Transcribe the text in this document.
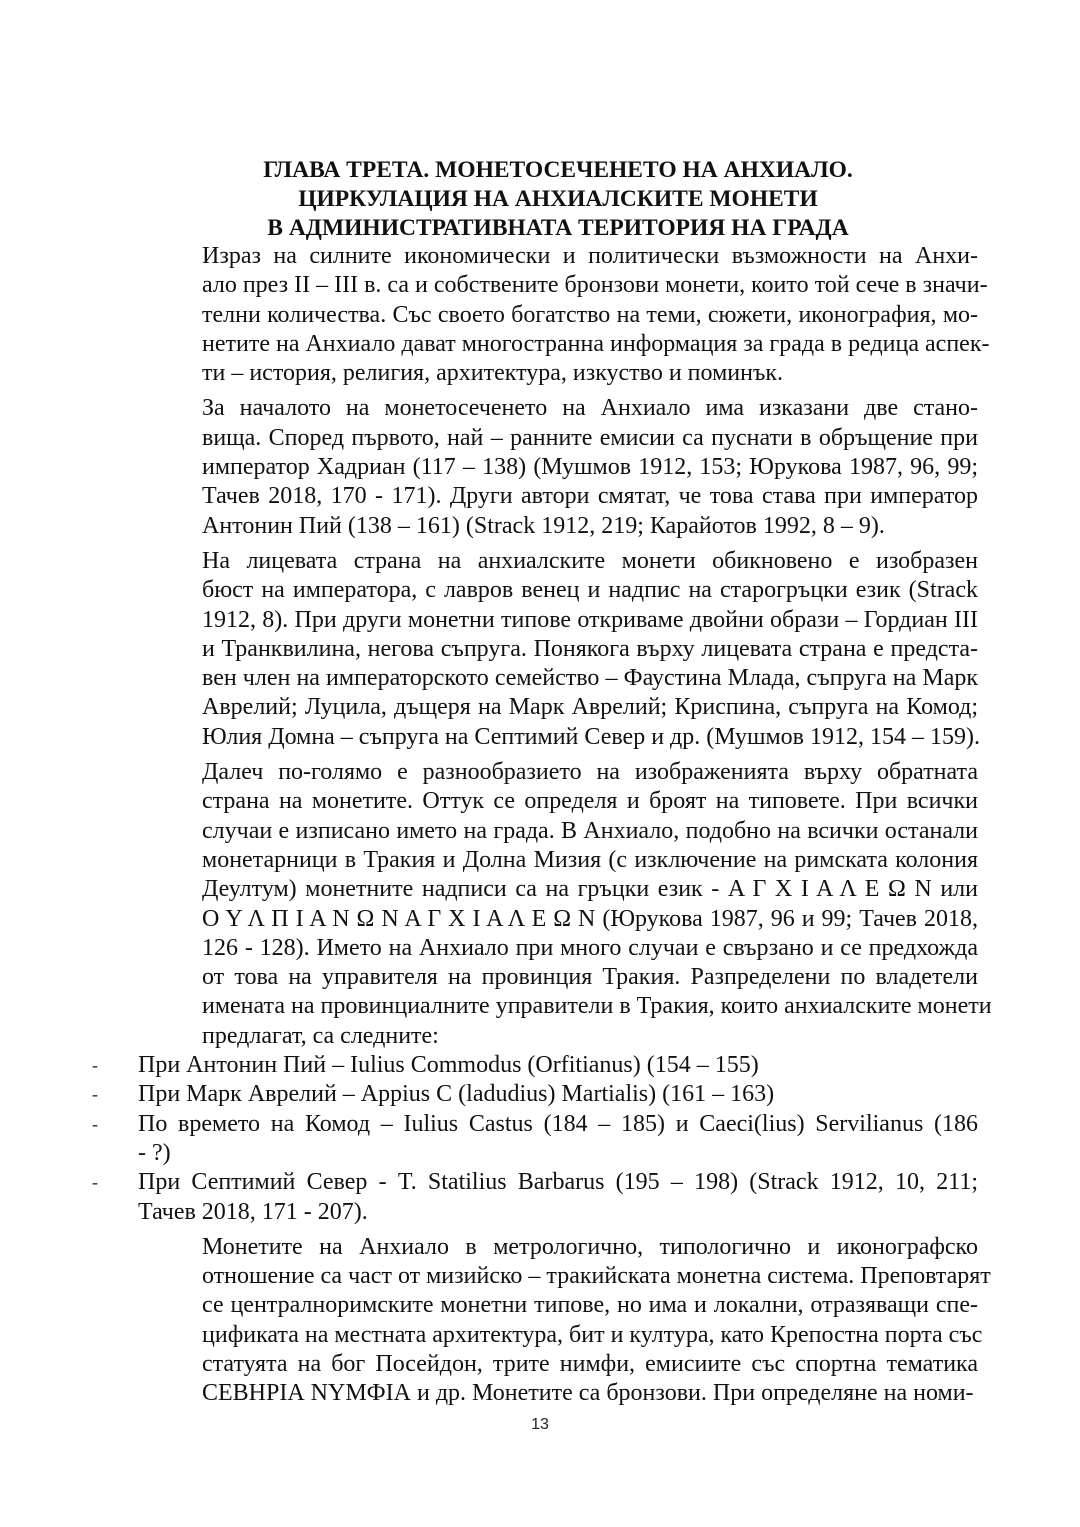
ГЛАВА ТРЕТА. МОНЕТОСЕЧЕНЕТО НА АНХИАЛО.
ЦИРКУЛАЦИЯ НА АНХИАЛСКИТЕ МОНЕТИ
В АДМИНИСТРАТИВНАТА ТЕРИТОРИЯ НА ГРАДА

Израз на силните икономически и политически възможности на Анхи-
ало през II – III в. са и собствените бронзови монети, които той сече в значи-
телни количества. Със своето богатство на теми, сюжети, иконография, мо-
нетите на Анхиало дават многостранна информация за града в редица аспек-
ти – история, религия, архитектура, изкуство и поминък.

За началото на монетосеченето на Анхиало има изказани две стано-
вища. Според първото, най – ранните емисии са пуснати в обръщение при
император Хадриан (117 – 138) (Мушмов 1912, 153; Юрукова 1987, 96, 99;
Тачев 2018, 170 - 171). Други автори смятат, че това става при император
Антонин Пий (138 – 161) (Strack 1912, 219; Карайотов 1992, 8 – 9).

На лицевата страна на анхиалските монети обикновено е изобразен
бюст на императора, с лавров венец и надпис на старогръцки език (Strack
1912, 8). При други монетни типове откриваме двойни образи – Гордиан III
и Транквилина, негова съпруга. Понякога върху лицевата страна е предста-
вен член на императорското семейство – Фаустина Млада, съпруга на Марк
Аврелий; Луцила, дъщеря на Марк Аврелий; Криспина, съпруга на Комод;
Юлия Домна – съпруга на Септимий Север и др. (Мушмов 1912, 154 – 159).

Далеч по-голямо е разнообразието на изображенията върху обратната
страна на монетите. Оттук се определя и броят на типовете. При всички
случаи е изписано името на града. В Анхиало, подобно на всички останали
монетарници в Тракия и Долна Мизия (с изключение на римската колония
Деултум) монетните надписи са на гръцки език - Α Γ Χ Ι Α Λ Ε Ω Ν или
Ο Υ Λ Π Ι Α Ν Ω Ν Α Γ Χ Ι Α Λ Ε Ω Ν (Юрукова 1987, 96 и 99; Тачев 2018,
126 - 128). Името на Анхиало при много случаи е свързано и се предхожда
от това на управителя на провинция Тракия. Разпределени по владетели
имената на провинциалните управители в Тракия, които анхиалските монети
предлагат, са следните:

- При Антонин Пий – Iulius Commodus (Orfitianus) (154 – 155)
- При Марк Аврелий – Appius C (ladudius) Martialis) (161 – 163)
- По времето на Комод – Iulius Castus (184 – 185) и Caeci(lius) Servilianus (186
- ?)
- При Септимий Север - T. Statilius Barbarus (195 – 198) (Strack 1912, 10, 211;
Тачев 2018, 171 - 207).

Монетите на Анхиало в метрологично, типологично и иконографско
отношение са част от мизийско – тракийската монетна система. Преповтарят
се централноримските монетни типове, но има и локални, отразяващи спе-
цификата на местната архитектура, бит и култура, като Крепостна порта със
статуята на бог Посейдон, трите нимфи, емисиите със спортна тематика
СЕВНРІА NYMФІА и др. Монетите са бронзови. При определяне на номи-

13
